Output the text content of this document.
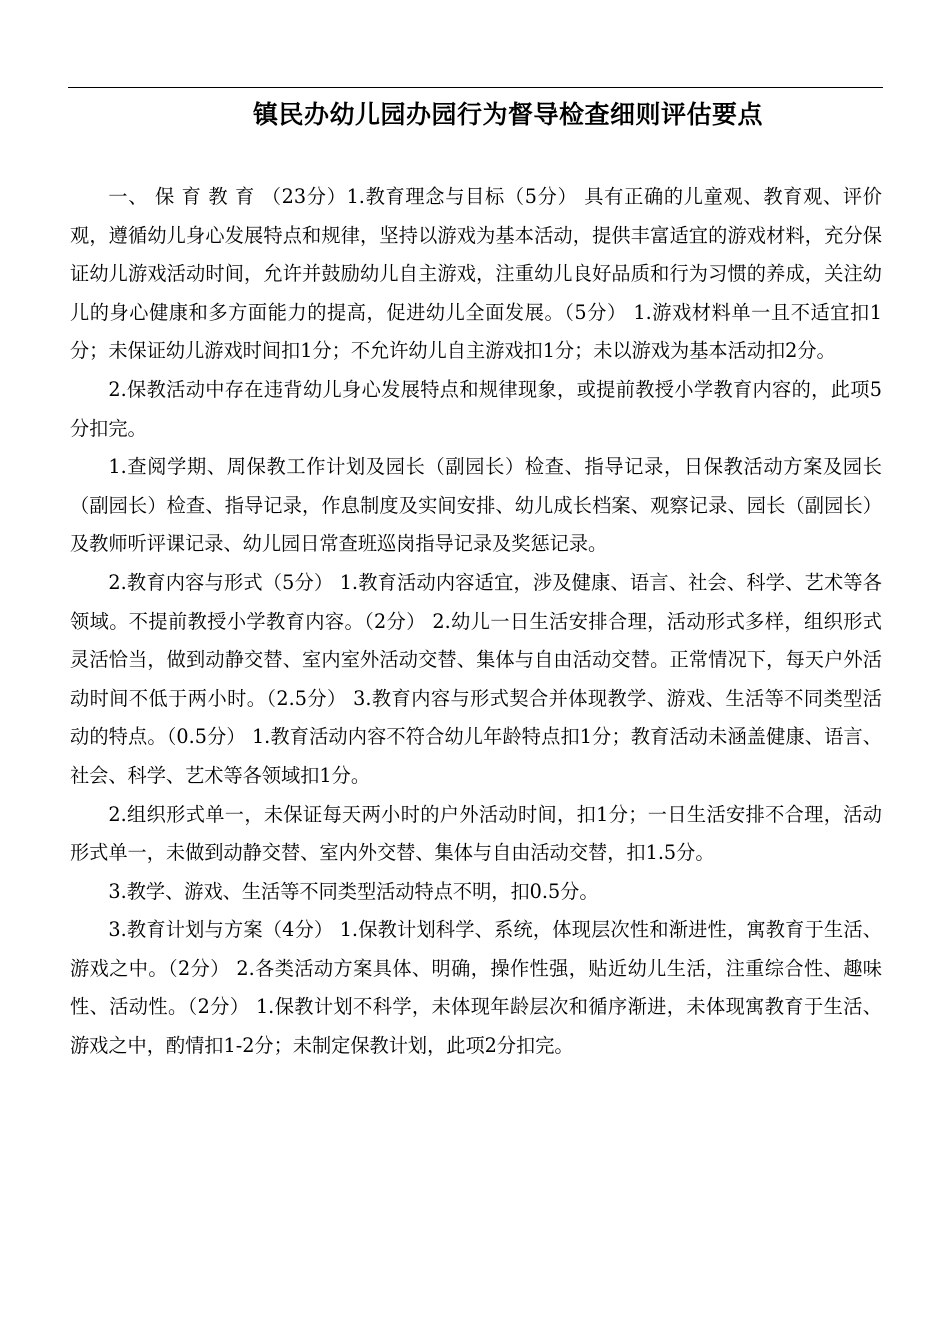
镇民办幼儿园办园行为督导检查细则评估要点

一、 保 育 教 育 （23分）1.教育理念与目标（5分） 具有正确的儿童观、教育观、评价观，遵循幼儿身心发展特点和规律，坚持以游戏为基本活动，提供丰富适宜的游戏材料，充分保证幼儿游戏活动时间，允许并鼓励幼儿自主游戏，注重幼儿良好品质和行为习惯的养成，关注幼儿的身心健康和多方面能力的提高，促进幼儿全面发展。（5分） 1.游戏材料单一且不适宜扣1分；未保证幼儿游戏时间扣1分；不允许幼儿自主游戏扣1分；未以游戏为基本活动扣2分。

2.保教活动中存在违背幼儿身心发展特点和规律现象，或提前教授小学教育内容的，此项5分扣完。

1.查阅学期、周保教工作计划及园长（副园长）检查、指导记录，日保教活动方案及园长（副园长）检查、指导记录，作息制度及实间安排、幼儿成长档案、观察记录、园长（副园长）及教师听评课记录、幼儿园日常查班巡岗指导记录及奖惩记录。

2.教育内容与形式（5分） 1.教育活动内容适宜，涉及健康、语言、社会、科学、艺术等各领域。不提前教授小学教育内容。（2分） 2.幼儿一日生活安排合理，活动形式多样，组织形式灵活恰当，做到动静交替、室内室外活动交替、集体与自由活动交替。正常情况下，每天户外活动时间不低于两小时。（2.5分） 3.教育内容与形式契合并体现教学、游戏、生活等不同类型活动的特点。（0.5分） 1.教育活动内容不符合幼儿年龄特点扣1分；教育活动未涵盖健康、语言、社会、科学、艺术等各领域扣1分。

2.组织形式单一，未保证每天两小时的户外活动时间，扣1分；一日生活安排不合理，活动形式单一，未做到动静交替、室内外交替、集体与自由活动交替，扣1.5分。

3.教学、游戏、生活等不同类型活动特点不明，扣0.5分。

3.教育计划与方案（4分） 1.保教计划科学、系统，体现层次性和渐进性，寓教育于生活、游戏之中。（2分） 2.各类活动方案具体、明确，操作性强，贴近幼儿生活，注重综合性、趣味性、活动性。（2分） 1.保教计划不科学，未体现年龄层次和循序渐进，未体现寓教育于生活、游戏之中，酌情扣1-2分；未制定保教计划，此项2分扣完。
